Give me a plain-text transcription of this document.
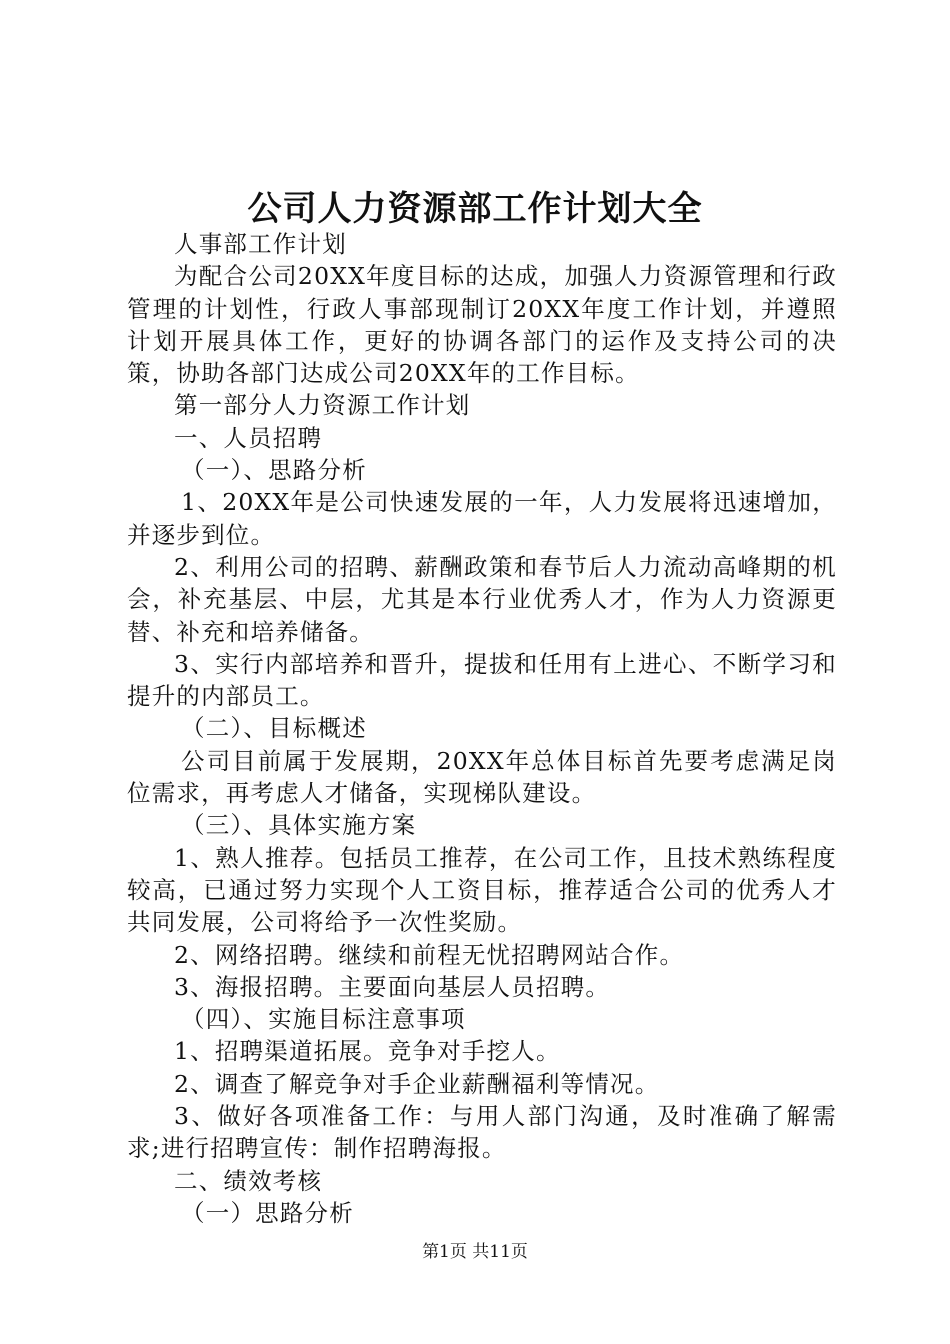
公司人力资源部工作计划大全

人事部工作计划

为配合公司20XX年度目标的达成，加强人力资源管理和行政管理的计划性，行政人事部现制订20XX年度工作计划，并遵照计划开展具体工作，更好的协调各部门的运作及支持公司的决策，协助各部门达成公司20XX年的工作目标。

第一部分人力资源工作计划

一、人员招聘

（一）、思路分析

1、20XX年是公司快速发展的一年，人力发展将迅速增加，并逐步到位。

2、利用公司的招聘、薪酬政策和春节后人力流动高峰期的机会，补充基层、中层，尤其是本行业优秀人才，作为人力资源更替、补充和培养储备。

3、实行内部培养和晋升，提拔和任用有上进心、不断学习和提升的内部员工。

（二）、目标概述

公司目前属于发展期，20XX年总体目标首先要考虑满足岗位需求，再考虑人才储备，实现梯队建设。

（三）、具体实施方案

1、熟人推荐。包括员工推荐，在公司工作，且技术熟练程度较高，已通过努力实现个人工资目标，推荐适合公司的优秀人才共同发展，公司将给予一次性奖励。

2、网络招聘。继续和前程无忧招聘网站合作。

3、海报招聘。主要面向基层人员招聘。

（四）、实施目标注意事项

1、招聘渠道拓展。竞争对手挖人。

2、调查了解竞争对手企业薪酬福利等情况。

3、做好各项准备工作：与用人部门沟通，及时准确了解需求;进行招聘宣传：制作招聘海报。

二、绩效考核

（一）思路分析

第1页 共11页
